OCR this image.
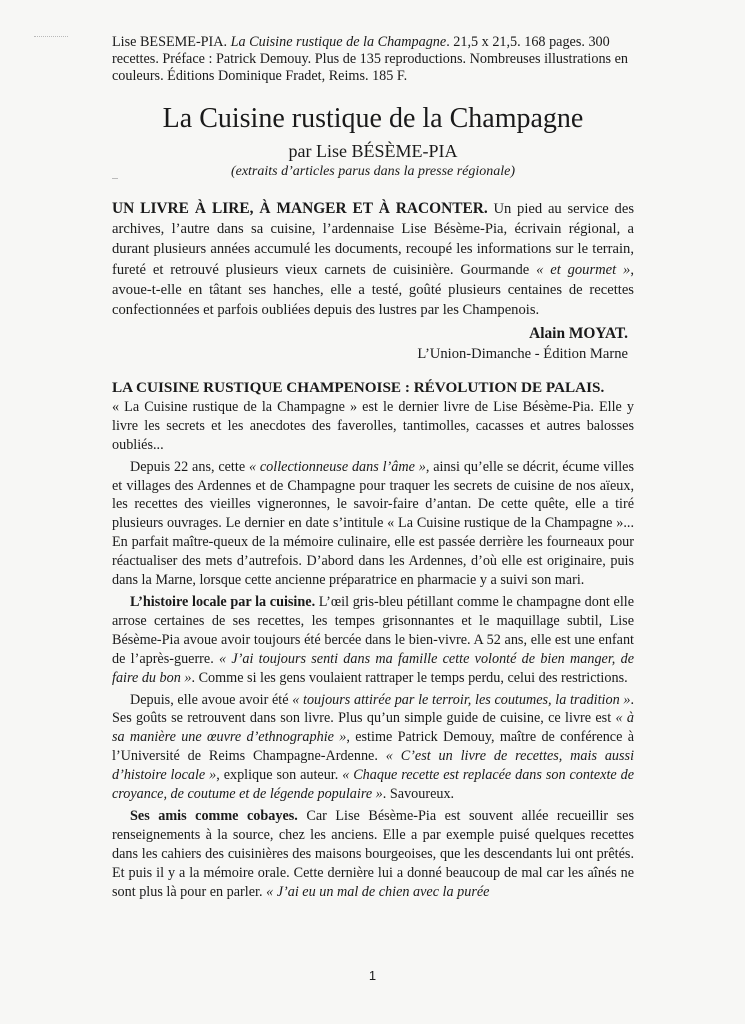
Lise BESEME-PIA. La Cuisine rustique de la Champagne. 21,5 x 21,5. 168 pages. 300 recettes. Préface : Patrick Demouy. Plus de 135 reproductions. Nombreuses illustrations en couleurs. Éditions Dominique Fradet, Reims. 185 F.
La Cuisine rustique de la Champagne
par Lise BÉSÈME-PIA
(extraits d’articles parus dans la presse régionale)
UN LIVRE À LIRE, À MANGER ET À RACONTER. Un pied au service des archives, l’autre dans sa cuisine, l’ardennaise Lise Bésème-Pia, écrivain régional, a durant plusieurs années accumulé les documents, recoupé les informations sur le terrain, fureté et retrouvé plusieurs vieux carnets de cuisinière. Gourmande « et gourmet », avoue-t-elle en tâtant ses hanches, elle a testé, goûté plusieurs centaines de recettes confectionnées et parfois oubliées depuis des lustres par les Champenois.
Alain MOYAT.
L’Union-Dimanche - Édition Marne

LA CUISINE RUSTIQUE CHAMPENOISE : RÉVOLUTION DE PALAIS.

« La Cuisine rustique de la Champagne » est le dernier livre de Lise Bésème-Pia. Elle y livre les secrets et les anecdotes des faverolles, tantimolles, cacasses et autres balosses oubliés...

Depuis 22 ans, cette « collectionneuse dans l’âme », ainsi qu’elle se décrit, écume villes et villages des Ardennes et de Champagne pour traquer les secrets de cuisine de nos aïeux, les recettes des vieilles vigneronnes, le savoir-faire d’antan. De cette quête, elle a tiré plusieurs ouvrages. Le dernier en date s’intitule « La Cuisine rustique de la Champagne »... En parfait maître-queux de la mémoire culinaire, elle est passée derrière les fourneaux pour réactualiser des mets d’autrefois. D’abord dans les Ardennes, d’où elle est originaire, puis dans la Marne, lorsque cette ancienne préparatrice en pharmacie y a suivi son mari.

L’histoire locale par la cuisine. L’œil gris-bleu pétillant comme le champagne dont elle arrose certaines de ses recettes, les tempes grisonnantes et le maquillage subtil, Lise Bésème-Pia avoue avoir toujours été bercée dans le bien-vivre. A 52 ans, elle est une enfant de l’après-guerre. « J’ai toujours senti dans ma famille cette volonté de bien manger, de faire du bon ». Comme si les gens voulaient rattraper le temps perdu, celui des restrictions.

Depuis, elle avoue avoir été « toujours attirée par le terroir, les coutumes, la tradition ». Ses goûts se retrouvent dans son livre. Plus qu’un simple guide de cuisine, ce livre est « à sa manière une œuvre d’ethnographie », estime Patrick Demouy, maître de conférence à l’Université de Reims Champagne-Ardenne. « C’est un livre de recettes, mais aussi d’histoire locale », explique son auteur. « Chaque recette est replacée dans son contexte de croyance, de coutume et de légende populaire ». Savoureux.

Ses amis comme cobayes. Car Lise Bésème-Pia est souvent allée recueillir ses renseignements à la source, chez les anciens. Elle a par exemple puisé quelques recettes dans les cahiers des cuisinières des maisons bourgeoises, que les descendants lui ont prêtés. Et puis il y a la mémoire orale. Cette dernière lui a donné beaucoup de mal car les aînés ne sont plus là pour en parler. « J’ai eu un mal de chien avec la purée

1
